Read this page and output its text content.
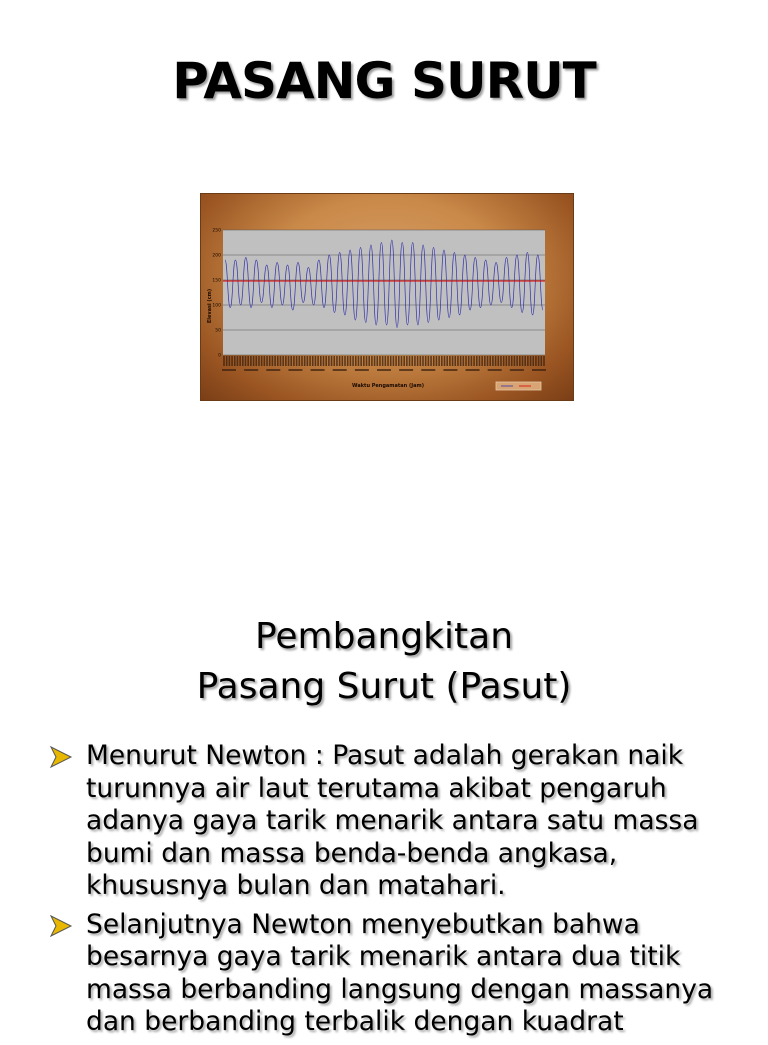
PASANG SURUT
0
50
100
150
200
250
Elevasi (cm)
Waktu Pengamatan (Jam)
Pembangkitan
Pasang Surut (Pasut)
Menurut Newton : Pasut adalah gerakan naik turunnya air laut terutama akibat pengaruh adanya gaya tarik menarik antara satu massa bumi dan massa benda-benda angkasa, khususnya bulan dan matahari.
Selanjutnya Newton menyebutkan bahwa besarnya gaya tarik menarik antara dua titik massa berbanding langsung dengan massanya dan berbanding terbalik dengan kuadrat
